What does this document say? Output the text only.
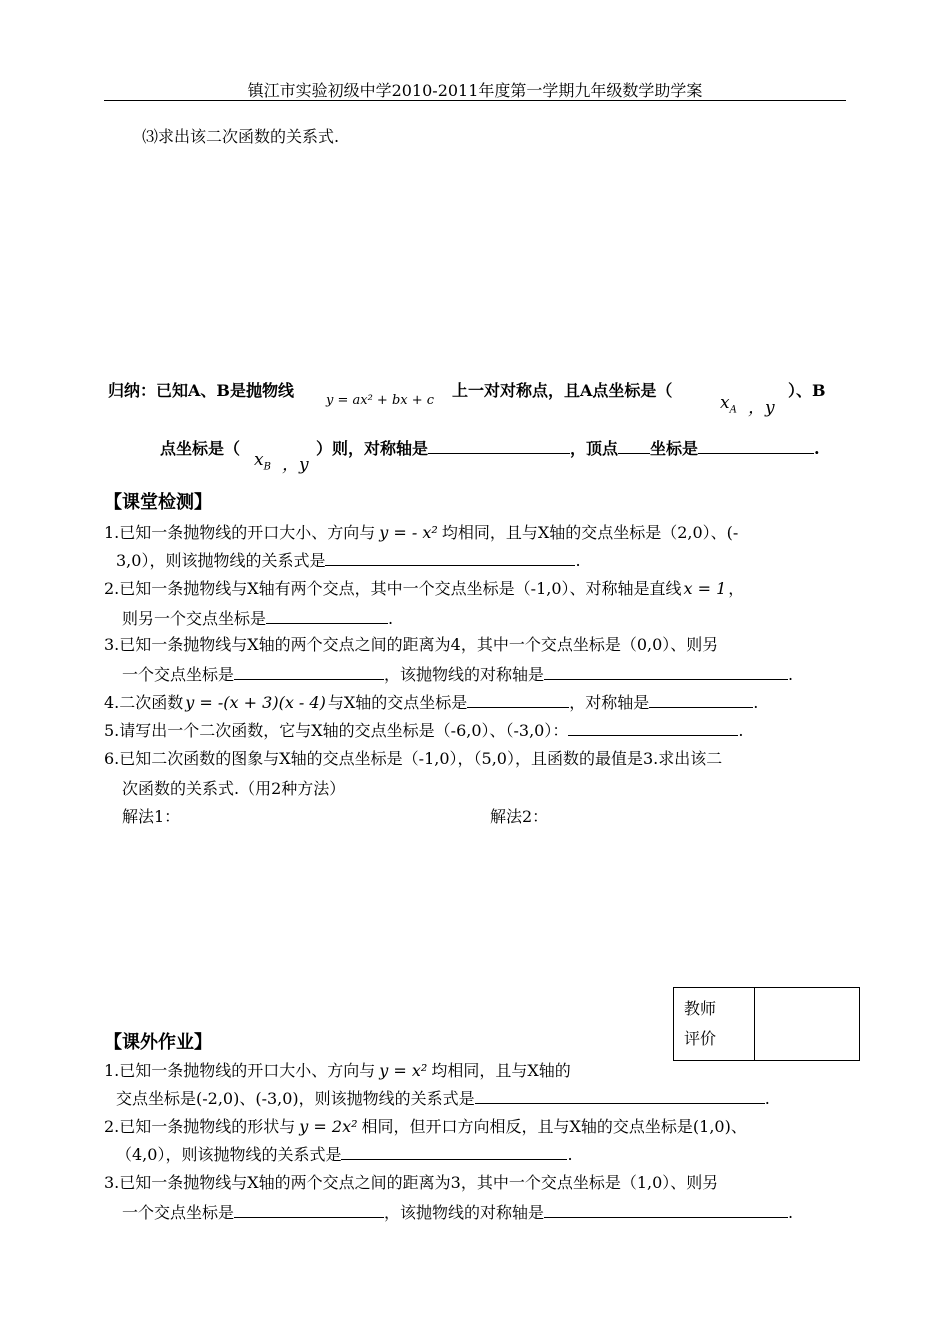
镇江市实验初级中学2010-2011年度第一学期九年级数学助学案
⑶求出该二次函数的关系式.
归纳：已知A、B是抛物线
y = ax² + bx + c
上一对对称点，且A点坐标是（
$x_A$ ，y
）、B
点坐标是（
$x_B$ ，y
）则，对称轴是	，顶点 坐标是	.
【课堂检测】
1.已知一条抛物线的开口大小、方向与 y = - x² 均相同，且与X轴的交点坐标是（2,0）、(-
3,0），则该抛物线的关系式是	.
2.已知一条抛物线与X轴有两个交点，其中一个交点坐标是（-1,0）、对称轴是直线 x = 1 ，
则另一个交点坐标是	.
3.已知一条抛物线与X轴的两个交点之间的距离为4，其中一个交点坐标是（0,0）、则另
一个交点坐标是	，该抛物线的对称轴是	.
4.二次函数 y = -(x + 3)(x - 4) 与X轴的交点坐标是	，对称轴是	.
5.请写出一个二次函数，它与X轴的交点坐标是（-6,0）、（-3,0）：	.
6.已知二次函数的图象与X轴的交点坐标是（-1,0），（5,0），且函数的最值是3.求出该二
次函数的关系式.（用2种方法）
解法1：	解法2：
教师
评价	
【课外作业】
1.已知一条抛物线的开口大小、方向与 y = x² 均相同，且与X轴的
交点坐标是(-2,0)、(-3,0)，则该抛物线的关系式是	.
2.已知一条抛物线的形状与 y = 2x² 相同，但开口方向相反，且与X轴的交点坐标是(1,0)、
（4,0），则该抛物线的关系式是	.
3.已知一条抛物线与X轴的两个交点之间的距离为3，其中一个交点坐标是（1,0）、则另
一个交点坐标是	，该抛物线的对称轴是	.
